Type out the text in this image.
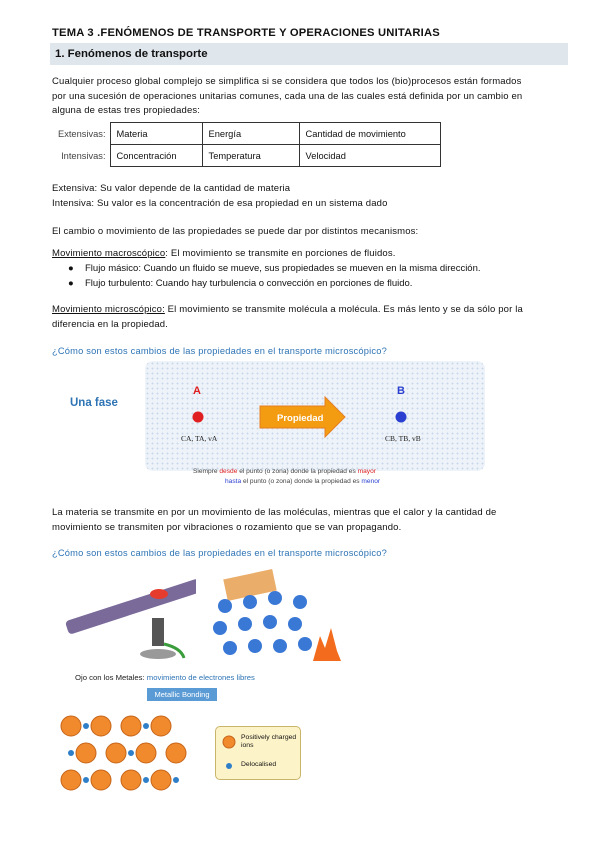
TEMA 3 .FENÓMENOS DE TRANSPORTE Y OPERACIONES UNITARIAS
1. Fenómenos de transporte
Cualquier proceso global complejo se simplifica si se considera que todos los (bio)procesos están formados
por una sucesión de operaciones unitarias comunes, cada una de las cuales está definida por un cambio en
alguna de estas tres propiedades:
Extensivas:	Materia	Energía	Cantidad de movimiento
Intensivas:	Concentración	Temperatura	Velocidad
Extensiva: Su valor depende de la cantidad de materia
Intensiva: Su valor es la concentración de esa propiedad en un sistema dado
El cambio o movimiento de las propiedades se puede dar por distintos mecanismos:
Movimiento macroscópico: El movimiento se transmite en porciones de fluidos.
● Flujo másico: Cuando un fluido se mueve, sus propiedades se mueven en la misma dirección.
● Flujo turbulento: Cuando hay turbulencia o convección en porciones de fluido.
Movimiento microscópico: El movimiento se transmite molécula a molécula. Es más lento y se da sólo por la
diferencia en la propiedad.
¿Cómo son estos cambios de las propiedades en el transporte microscópico?
Una fase
A	B
Propiedad
CA, TA, vA	CB, TB, vB
Siempre desde el punto (o zona) donde la propiedad es mayor
hasta el punto (o zona) donde la propiedad es menor
La materia se transmite en por un movimiento de las moléculas, mientras que el calor y la cantidad de
movimiento se transmiten por vibraciones o rozamiento que se van propagando.
¿Cómo son estos cambios de las propiedades en el transporte microscópico?
Ojo con los Metales: movimiento de electrones libres
Metallic Bonding
Positively charged ions
Delocalised
